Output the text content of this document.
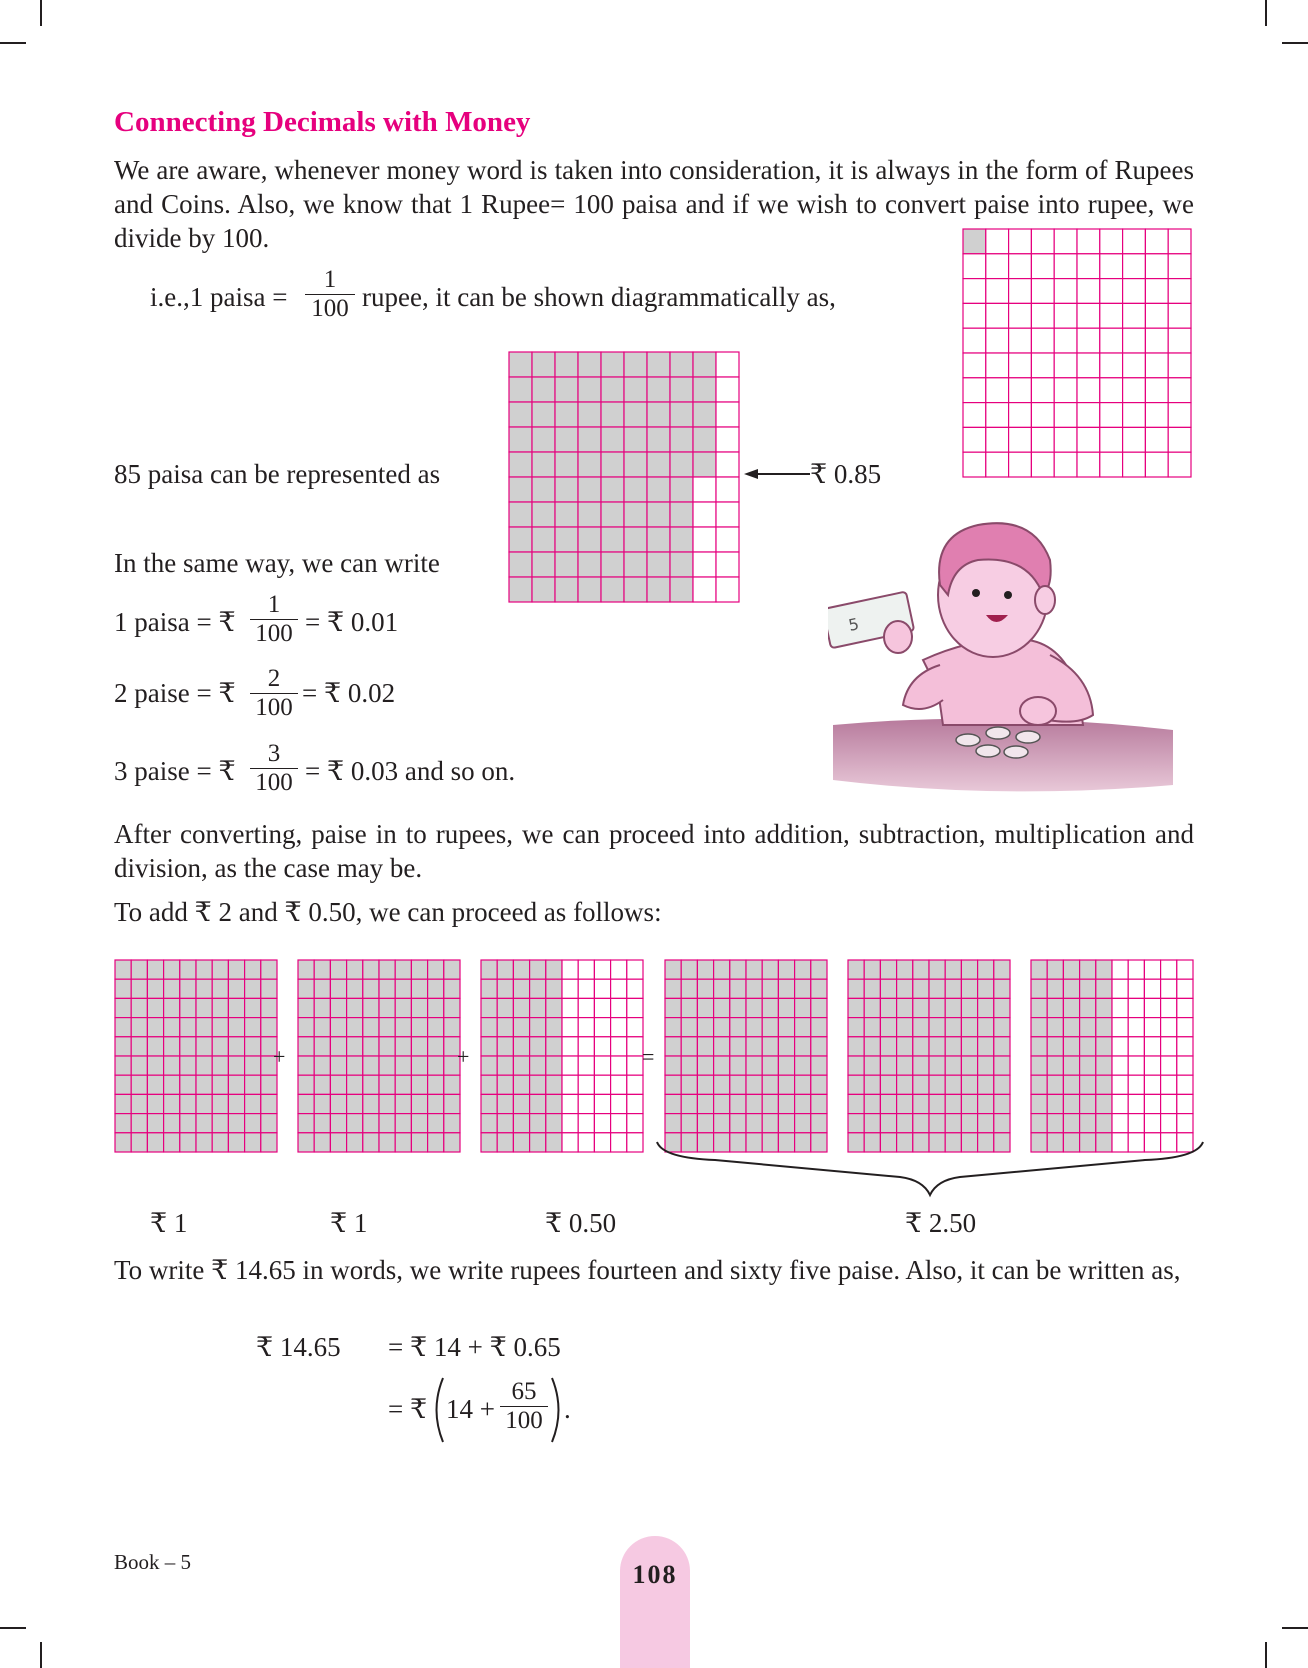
Connecting Decimals with Money
We are aware, whenever money word is taken into consideration, it is always in the form of Rupees and Coins. Also, we know that 1 Rupee= 100 paisa and if we wish to convert paise into rupee, we divide by 100.
i.e.,1 paisa =
1
100 rupee, it can be shown diagrammatically as,
85 paisa can be represented as	₹ 0.85
In the same way, we can write
1 paisa = ₹
1
100 = ₹ 0.01
2 paise = ₹	2
100 = ₹ 0.02
3 paise = ₹
3
100 = ₹ 0.03 and so on.
5
After converting, paise in to rupees, we can proceed into addition, subtraction, multiplication and division, as the case may be.
To add ₹ 2 and ₹ 0.50, we can proceed as follows:
+	+	=
₹ 1	₹ 1	₹ 0.50	₹ 2.50
To write ₹ 14.65 in words, we write rupees fourteen and sixty five paise. Also, it can be written as,
₹ 14.65 = ₹ 14 + ₹ 0.65
= ₹ 14 +
65
100 .
Book – 5	108
